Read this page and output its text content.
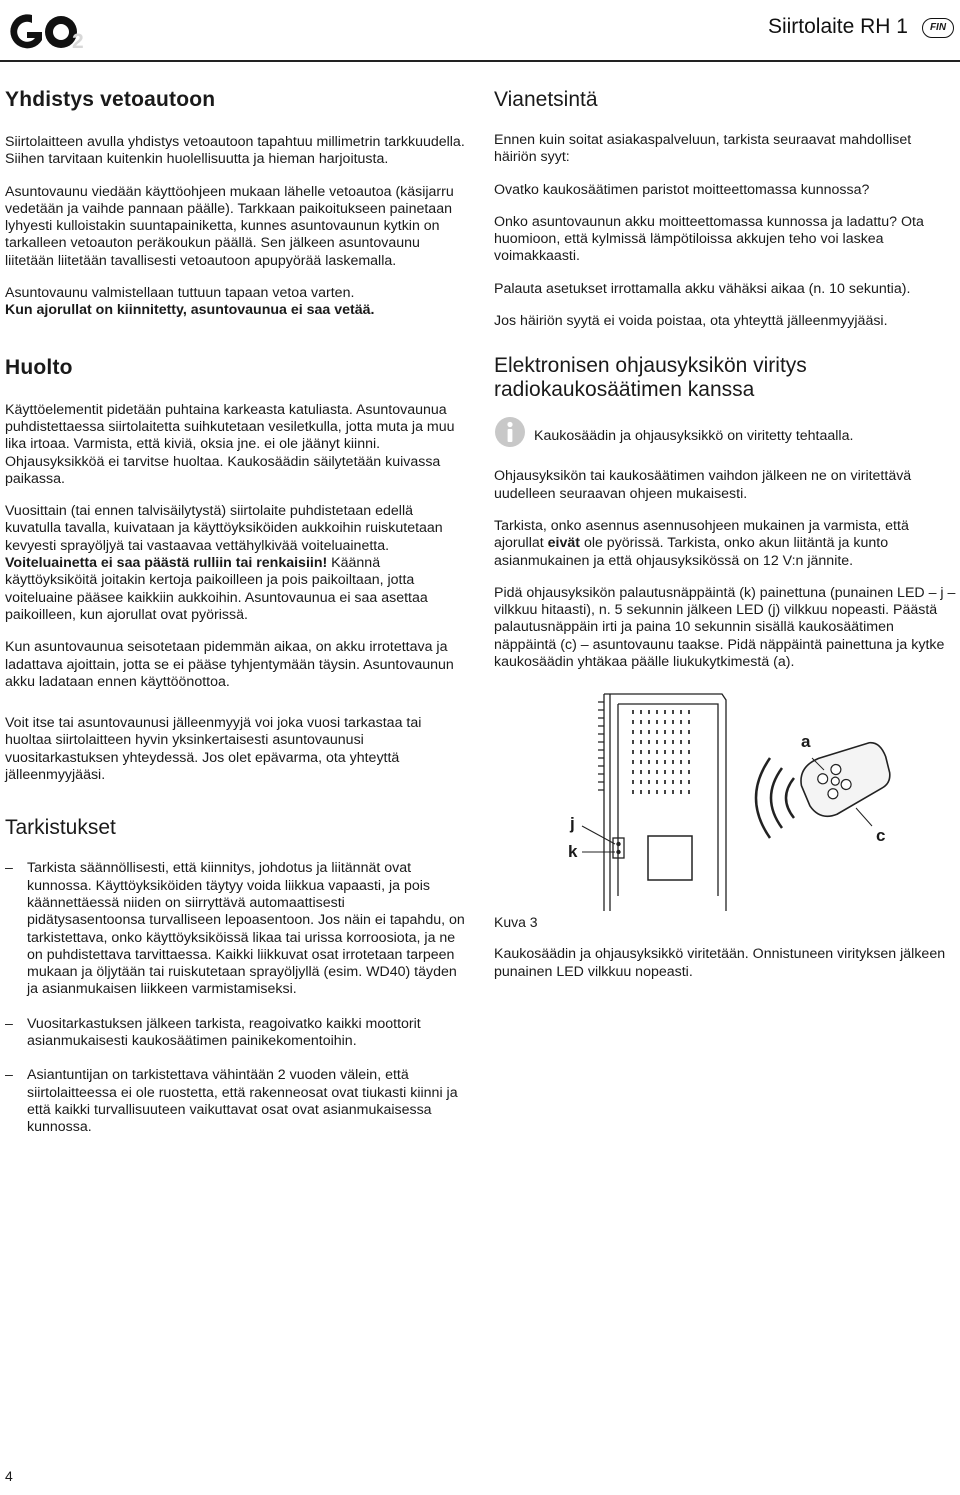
2
Siirtolaite RH 1	FIN
Yhdistys vetoautoon

Siirtolaitteen avulla yhdistys vetoautoon tapahtuu millimetrin tarkkuudella. Siihen tarvitaan kuitenkin huolellisuutta ja hieman harjoitusta.

Asuntovaunu viedään käyttöohjeen mukaan lähelle vetoautoa (käsijarru vedetään ja vaihde pannaan päälle). Tarkkaan paikoitukseen painetaan lyhyesti kulloistakin suuntapainiketta, kunnes asuntovaunun kytkin on tarkalleen vetoauton peräkoukun päällä. Sen jälkeen asuntovaunu liitetään liitetään tavallisesti vetoautoon apupyörää laskemalla.

Asuntovaunu valmistellaan tuttuun tapaan vetoa varten.
Kun ajorullat on kiinnitetty, asuntovaunua ei saa vetää.

Huolto

Käyttöelementit pidetään puhtaina karkeasta katuliasta. Asuntovaunua puhdistettaessa siirtolaitetta suihkutetaan vesiletkulla, jotta muta ja muu lika irtoaa. Varmista, että kiviä, oksia jne. ei ole jäänyt kiinni. Ohjausyksikköä ei tarvitse huoltaa. Kaukosäädin säilytetään kuivassa paikassa.

Vuosittain (tai ennen talvisäilytystä) siirtolaite puhdistetaan edellä kuvatulla tavalla, kuivataan ja käyttöyksiköiden aukkoihin ruiskutetaan kevyesti sprayöljyä tai vastaavaa vettähylkivää voiteluainetta. Voiteluainetta ei saa päästä rulliin tai renkaisiin! Käännä käyttöyksiköitä joitakin kertoja paikoilleen ja pois paikoiltaan, jotta voiteluaine pääsee kaikkiin aukkoihin. Asuntovaunua ei saa asettaa paikoilleen, kun ajorullat ovat pyörissä.

Kun asuntovaunua seisotetaan pidemmän aikaa, on akku irrotettava ja ladattava ajoittain, jotta se ei pääse tyhjentymään täysin. Asuntovaunun akku ladataan ennen käyttöönottoa.

Voit itse tai asuntovaunusi jälleenmyyjä voi joka vuosi tarkastaa tai huoltaa siirtolaitteen hyvin yksinkertaisesti asuntovaunusi vuositarkastuksen yhteydessä. Jos olet epävarma, ota yhteyttä jälleenmyyjääsi.

Tarkistukset
– Tarkista säännöllisesti, että kiinnitys, johdotus ja liitännät ovat kunnossa. Käyttöyksiköiden täytyy voida liikkua vapaasti, ja pois käännettäessä niiden on siirryttävä automaattisesti pidätysasentoonsa turvalliseen lepoasentoon. Jos näin ei tapahdu, on tarkistettava, onko käyttöyksiköissä likaa tai urissa korroosiota, ja ne on puhdistettava tarvittaessa. Kaikki liikkuvat osat irrotetaan tarpeen mukaan ja öljytään tai ruiskutetaan sprayöljyllä (esim. WD40) täyden ja asianmukaisen liikkeen varmistamiseksi.
– Vuositarkastuksen jälkeen tarkista, reagoivatko kaikki moottorit asianmukaisesti kaukosäätimen painikekomentoihin.
– Asiantuntijan on tarkistettava vähintään 2 vuoden välein, että siirtolaitteessa ei ole ruostetta, että rakenneosat ovat tiukasti kiinni ja että kaikki turvallisuuteen vaikuttavat osat ovat asianmukaisessa kunnossa.
Vianetsintä

Ennen kuin soitat asiakaspalveluun, tarkista seuraavat mahdolliset häiriön syyt:

Ovatko kaukosäätimen paristot moitteettomassa kunnossa?

Onko asuntovaunun akku moitteettomassa kunnossa ja ladattu? Ota huomioon, että kylmissä lämpötiloissa akkujen teho voi laskea voimakkaasti.

Palauta asetukset irrottamalla akku vähäksi aikaa (n. 10 sekuntia).

Jos häiriön syytä ei voida poistaa, ota yhteyttä jälleenmyyjääsi.

Elektronisen ohjausyksikön viritys
radiokaukosäätimen kanssa

Kaukosäädin ja ohjausyksikkö on viritetty tehtaalla.

Ohjausyksikön tai kaukosäätimen vaihdon jälkeen ne on viritettävä uudelleen seuraavan ohjeen mukaisesti.

Tarkista, onko asennus asennusohjeen mukainen ja varmista, että ajorullat eivät ole pyörissä. Tarkista, onko akun liitäntä ja kunto asianmukainen ja että ohjausyksikössä on 12 V:n jännite.

Pidä ohjausyksikön palautusnäppäintä (k) painettuna (punainen LED – j – vilkkuu hitaasti), n. 5 sekunnin jälkeen LED (j) vilkkuu nopeasti. Päästä palautusnäppäin irti ja paina 10 sekunnin sisällä kaukosäätimen näppäintä (c) – asuntovaunu taakse. Pidä näppäintä painettuna ja kytke kaukosäädin yhtäkaa päälle liukukytkimestä (a).

a
c
j
k
Kuva 3

Kaukosäädin ja ohjausyksikkö viritetään. Onnistuneen virityksen jälkeen punainen LED vilkkuu nopeasti.

4
